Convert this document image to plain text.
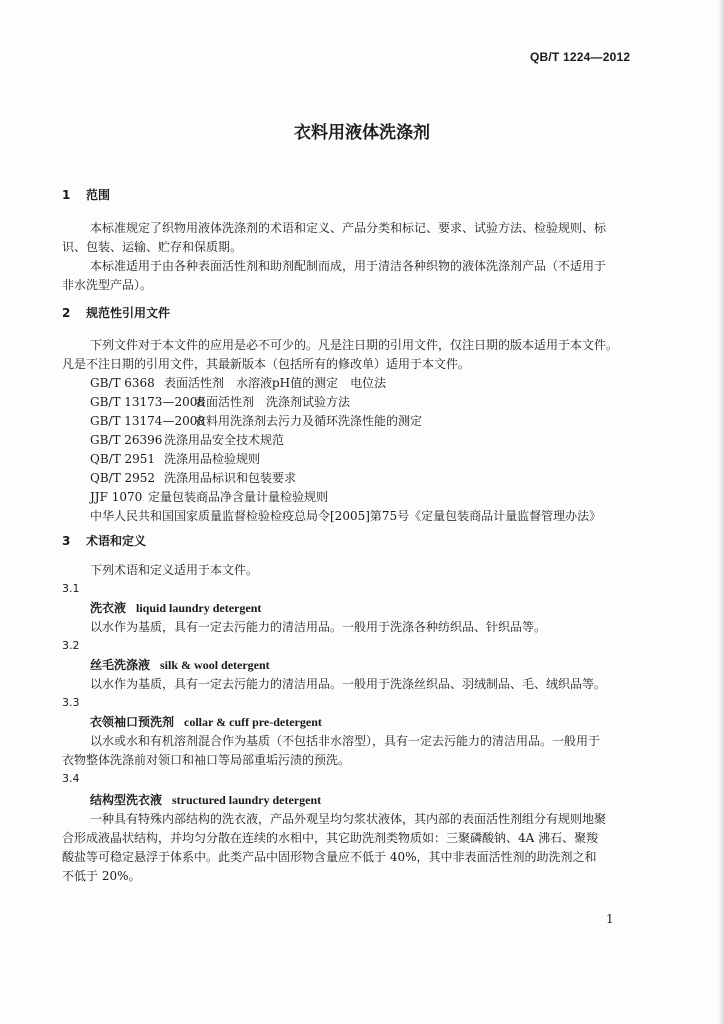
QB/T 1224—2012
衣料用液体洗涤剂
1 范围
本标准规定了织物用液体洗涤剂的术语和定义、产品分类和标记、要求、试验方法、检验规则、标
识、包装、运输、贮存和保质期。
本标准适用于由各种表面活性剂和助剂配制而成，用于清洁各种织物的液体洗涤剂产品（不适用于
非水洗型产品）。
2 规范性引用文件
下列文件对于本文件的应用是必不可少的。凡是注日期的引用文件，仅注日期的版本适用于本文件。
凡是不注日期的引用文件，其最新版本（包括所有的修改单）适用于本文件。
GB/T 6368 表面活性剂　水溶液pH值的测定　电位法
GB/T 13173—2008表面活性剂　洗涤剂试验方法
GB/T 13174—2008衣料用洗涤剂去污力及循环洗涤性能的测定
GB/T 26396 洗涤用品安全技术规范
QB/T 2951 洗涤用品检验规则
QB/T 2952 洗涤用品标识和包装要求
JJF 1070 定量包装商品净含量计量检验规则
中华人民共和国国家质量监督检验检疫总局令[2005]第75号《定量包装商品计量监督管理办法》
3 术语和定义
下列术语和定义适用于本文件。
3.1
洗衣液 liquid laundry detergent
以水作为基质，具有一定去污能力的清洁用品。一般用于洗涤各种纺织品、针织品等。
3.2
丝毛洗涤液 silk & wool detergent
以水作为基质，具有一定去污能力的清洁用品。一般用于洗涤丝织品、羽绒制品、毛、绒织品等。
3.3
衣领袖口预洗剂 collar & cuff pre-detergent
以水或水和有机溶剂混合作为基质（不包括非水溶型），具有一定去污能力的清洁用品。一般用于
衣物整体洗涤前对领口和袖口等局部重垢污渍的预洗。
3.4
结构型洗衣液 structured laundry detergent
一种具有特殊内部结构的洗衣液，产品外观呈均匀浆状液体，其内部的表面活性剂组分有规则地聚
合形成液晶状结构，并均匀分散在连续的水相中，其它助洗剂类物质如：三聚磷酸钠、4A 沸石、聚羧
酸盐等可稳定悬浮于体系中。此类产品中固形物含量应不低于 40%，其中非表面活性剂的助洗剂之和
不低于 20%。
1
